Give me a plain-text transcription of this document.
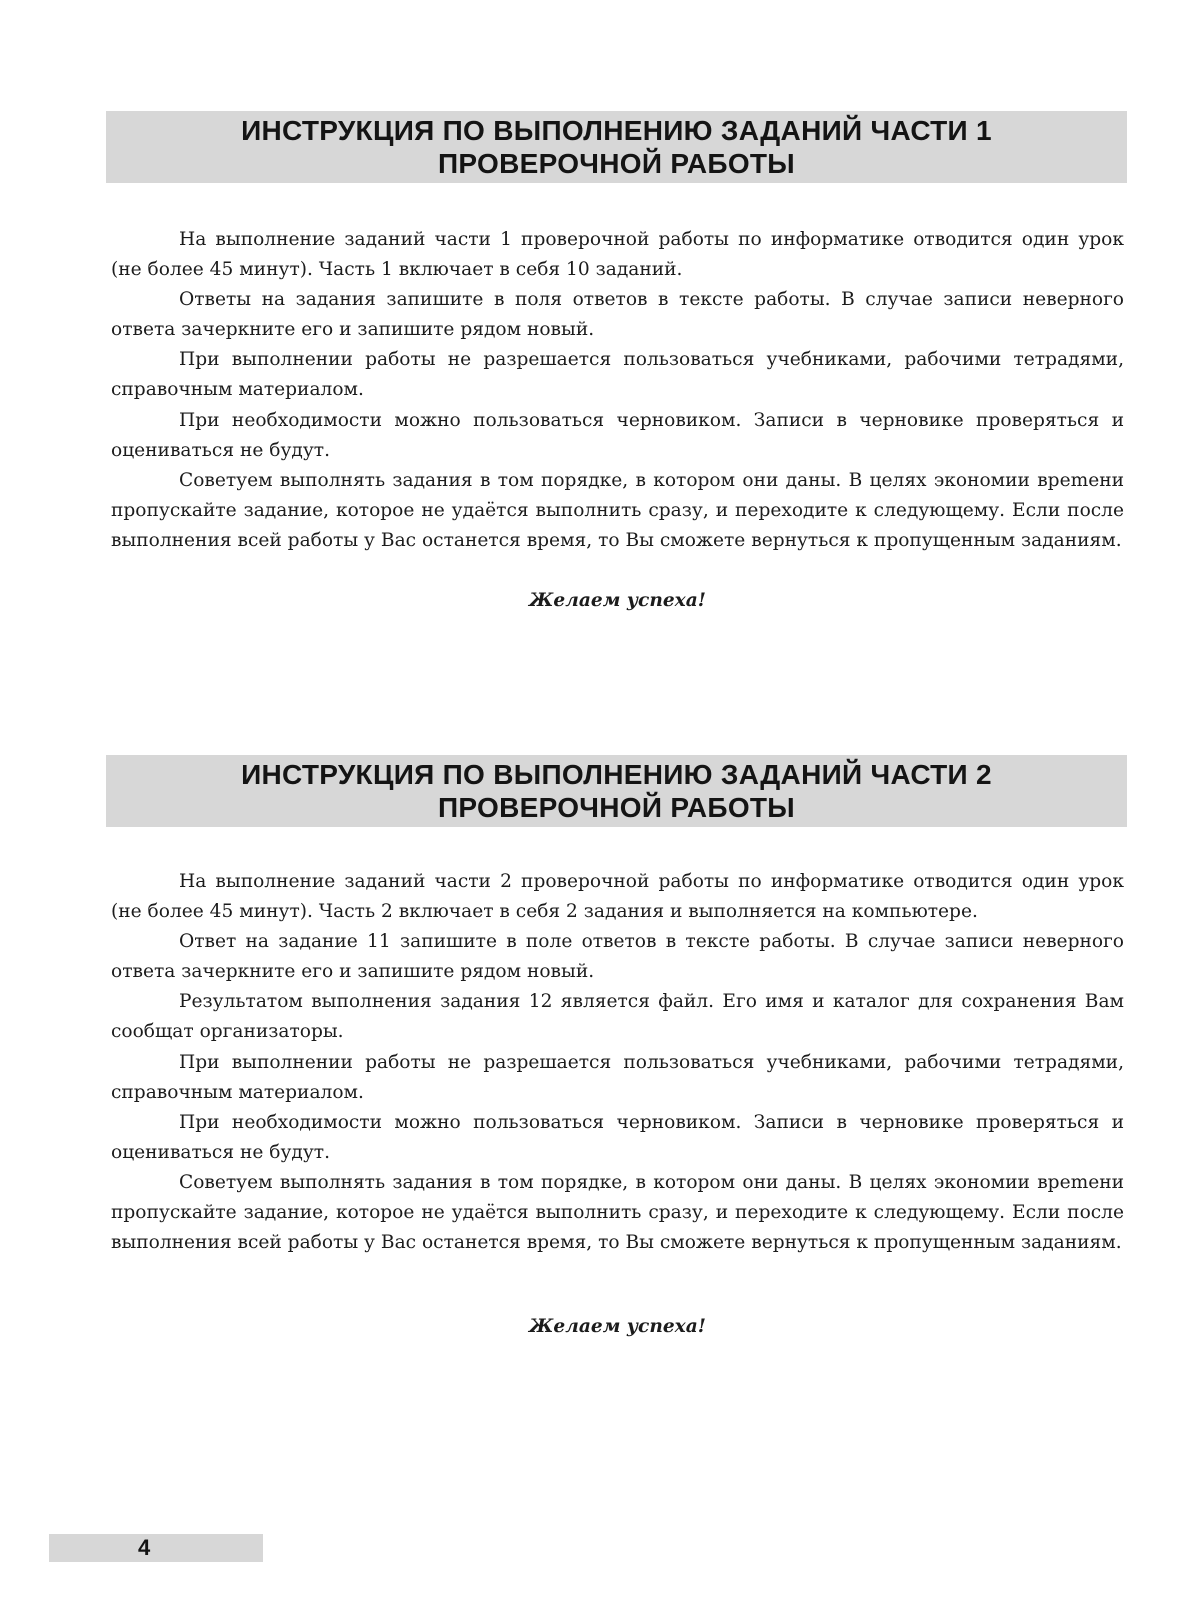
ИНСТРУКЦИЯ ПО ВЫПОЛНЕНИЮ ЗАДАНИЙ ЧАСТИ 1
ПРОВЕРОЧНОЙ РАБОТЫ

На выполнение заданий части 1 проверочной работы по информатике отводится один урок (не более 45 минут). Часть 1 включает в себя 10 заданий.

Ответы на задания запишите в поля ответов в тексте работы. В случае записи неверного ответа зачеркните его и запишите рядом новый.

При выполнении работы не разрешается пользоваться учебниками, рабочими тетрадями, справочным материалом.

При необходимости можно пользоваться черновиком. Записи в черновике проверяться и оцениваться не будут.

Советуем выполнять задания в том порядке, в котором они даны. В целях экономии вреmени пропускайте задание, которое не удаётся выполнить сразу, и переходите к следующему. Если после выполнения всей работы у Вас останется время, то Вы сможете вернуться к пропущенным заданиям.

Желаем успеха!
ИНСТРУКЦИЯ ПО ВЫПОЛНЕНИЮ ЗАДАНИЙ ЧАСТИ 2
ПРОВЕРОЧНОЙ РАБОТЫ

На выполнение заданий части 2 проверочной работы по информатике отводится один урок (не более 45 минут). Часть 2 включает в себя 2 задания и выполняется на компьютере.

Ответ на задание 11 запишите в поле ответов в тексте работы. В случае записи неверного ответа зачеркните его и запишите рядом новый.

Результатом выполнения задания 12 является файл. Его имя и каталог для сохранения Вам сообщат организаторы.

При выполнении работы не разрешается пользоваться учебниками, рабочими тетрадями, справочным материалом.

При необходимости можно пользоваться черновиком. Записи в черновике проверяться и оцениваться не будут.

Советуем выполнять задания в том порядке, в котором они даны. В целях экономии вреmени пропускайте задание, которое не удаётся выполнить сразу, и переходите к следующему. Если после выполнения всей работы у Вас останется время, то Вы сможете вернуться к пропущенным заданиям.

Желаем успеха!
4
